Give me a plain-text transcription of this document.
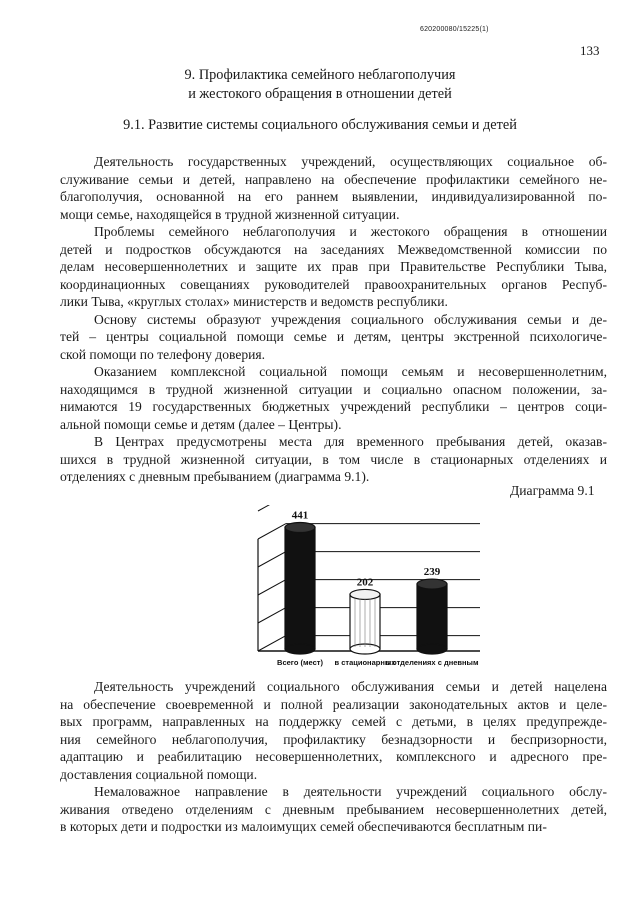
620200080/15225(1)
133
9. Профилактика семейного неблагополучия
и жестокого обращения в отношении детей
9.1. Развитие системы социального обслуживания семьи и детей
Деятельность государственных учреждений, осуществляющих социальное об-
служивание семьи и детей, направлено на обеспечение профилактики семейного не-
благополучия, основанной на его раннем выявлении, индивидуализированной по-
мощи семье, находящейся в трудной жизненной ситуации.
Проблемы семейного неблагополучия и жестокого обращения в отношении
детей и подростков обсуждаются на заседаниях Межведомственной комиссии по
делам несовершеннолетних и защите их прав при Правительстве Республики Тыва,
координационных совещаниях руководителей правоохранительных органов Респуб-
лики Тыва, «круглых столах» министерств и ведомств республики.
Основу системы образуют учреждения социального обслуживания семьи и де-
тей – центры социальной помощи семье и детям, центры экстренной психологиче-
ской помощи по телефону доверия.
Оказанием комплексной социальной помощи семьям и несовершеннолетним,
находящимся в трудной жизненной ситуации и социально опасном положении, за-
нимаются 19 государственных бюджетных учреждений республики – центров соци-
альной помощи семье и детям (далее – Центры).
В Центрах предусмотрены места для временного пребывания детей, оказав-
шихся в трудной жизненной ситуации, в том числе в стационарных отделениях и
отделениях с дневным пребыванием (диаграмма 9.1).
Диаграмма 9.1
441
Всего (мест)
202
в стационарных
239
в отделениях с дневным
Деятельность учреждений социального обслуживания семьи и детей нацелена
на обеспечение своевременной и полной реализации законодательных актов и целе-
вых программ, направленных на поддержку семей с детьми, в целях предупрежде-
ния семейного неблагополучия, профилактику безнадзорности и беспризорности,
адаптацию и реабилитацию несовершеннолетних, комплексного и адресного пре-
доставления социальной помощи.
Немаловажное направление в деятельности учреждений социального обслу-
живания отведено отделениям с дневным пребыванием несовершеннолетних детей,
в которых дети и подростки из малоимущих семей обеспечиваются бесплатным пи-
